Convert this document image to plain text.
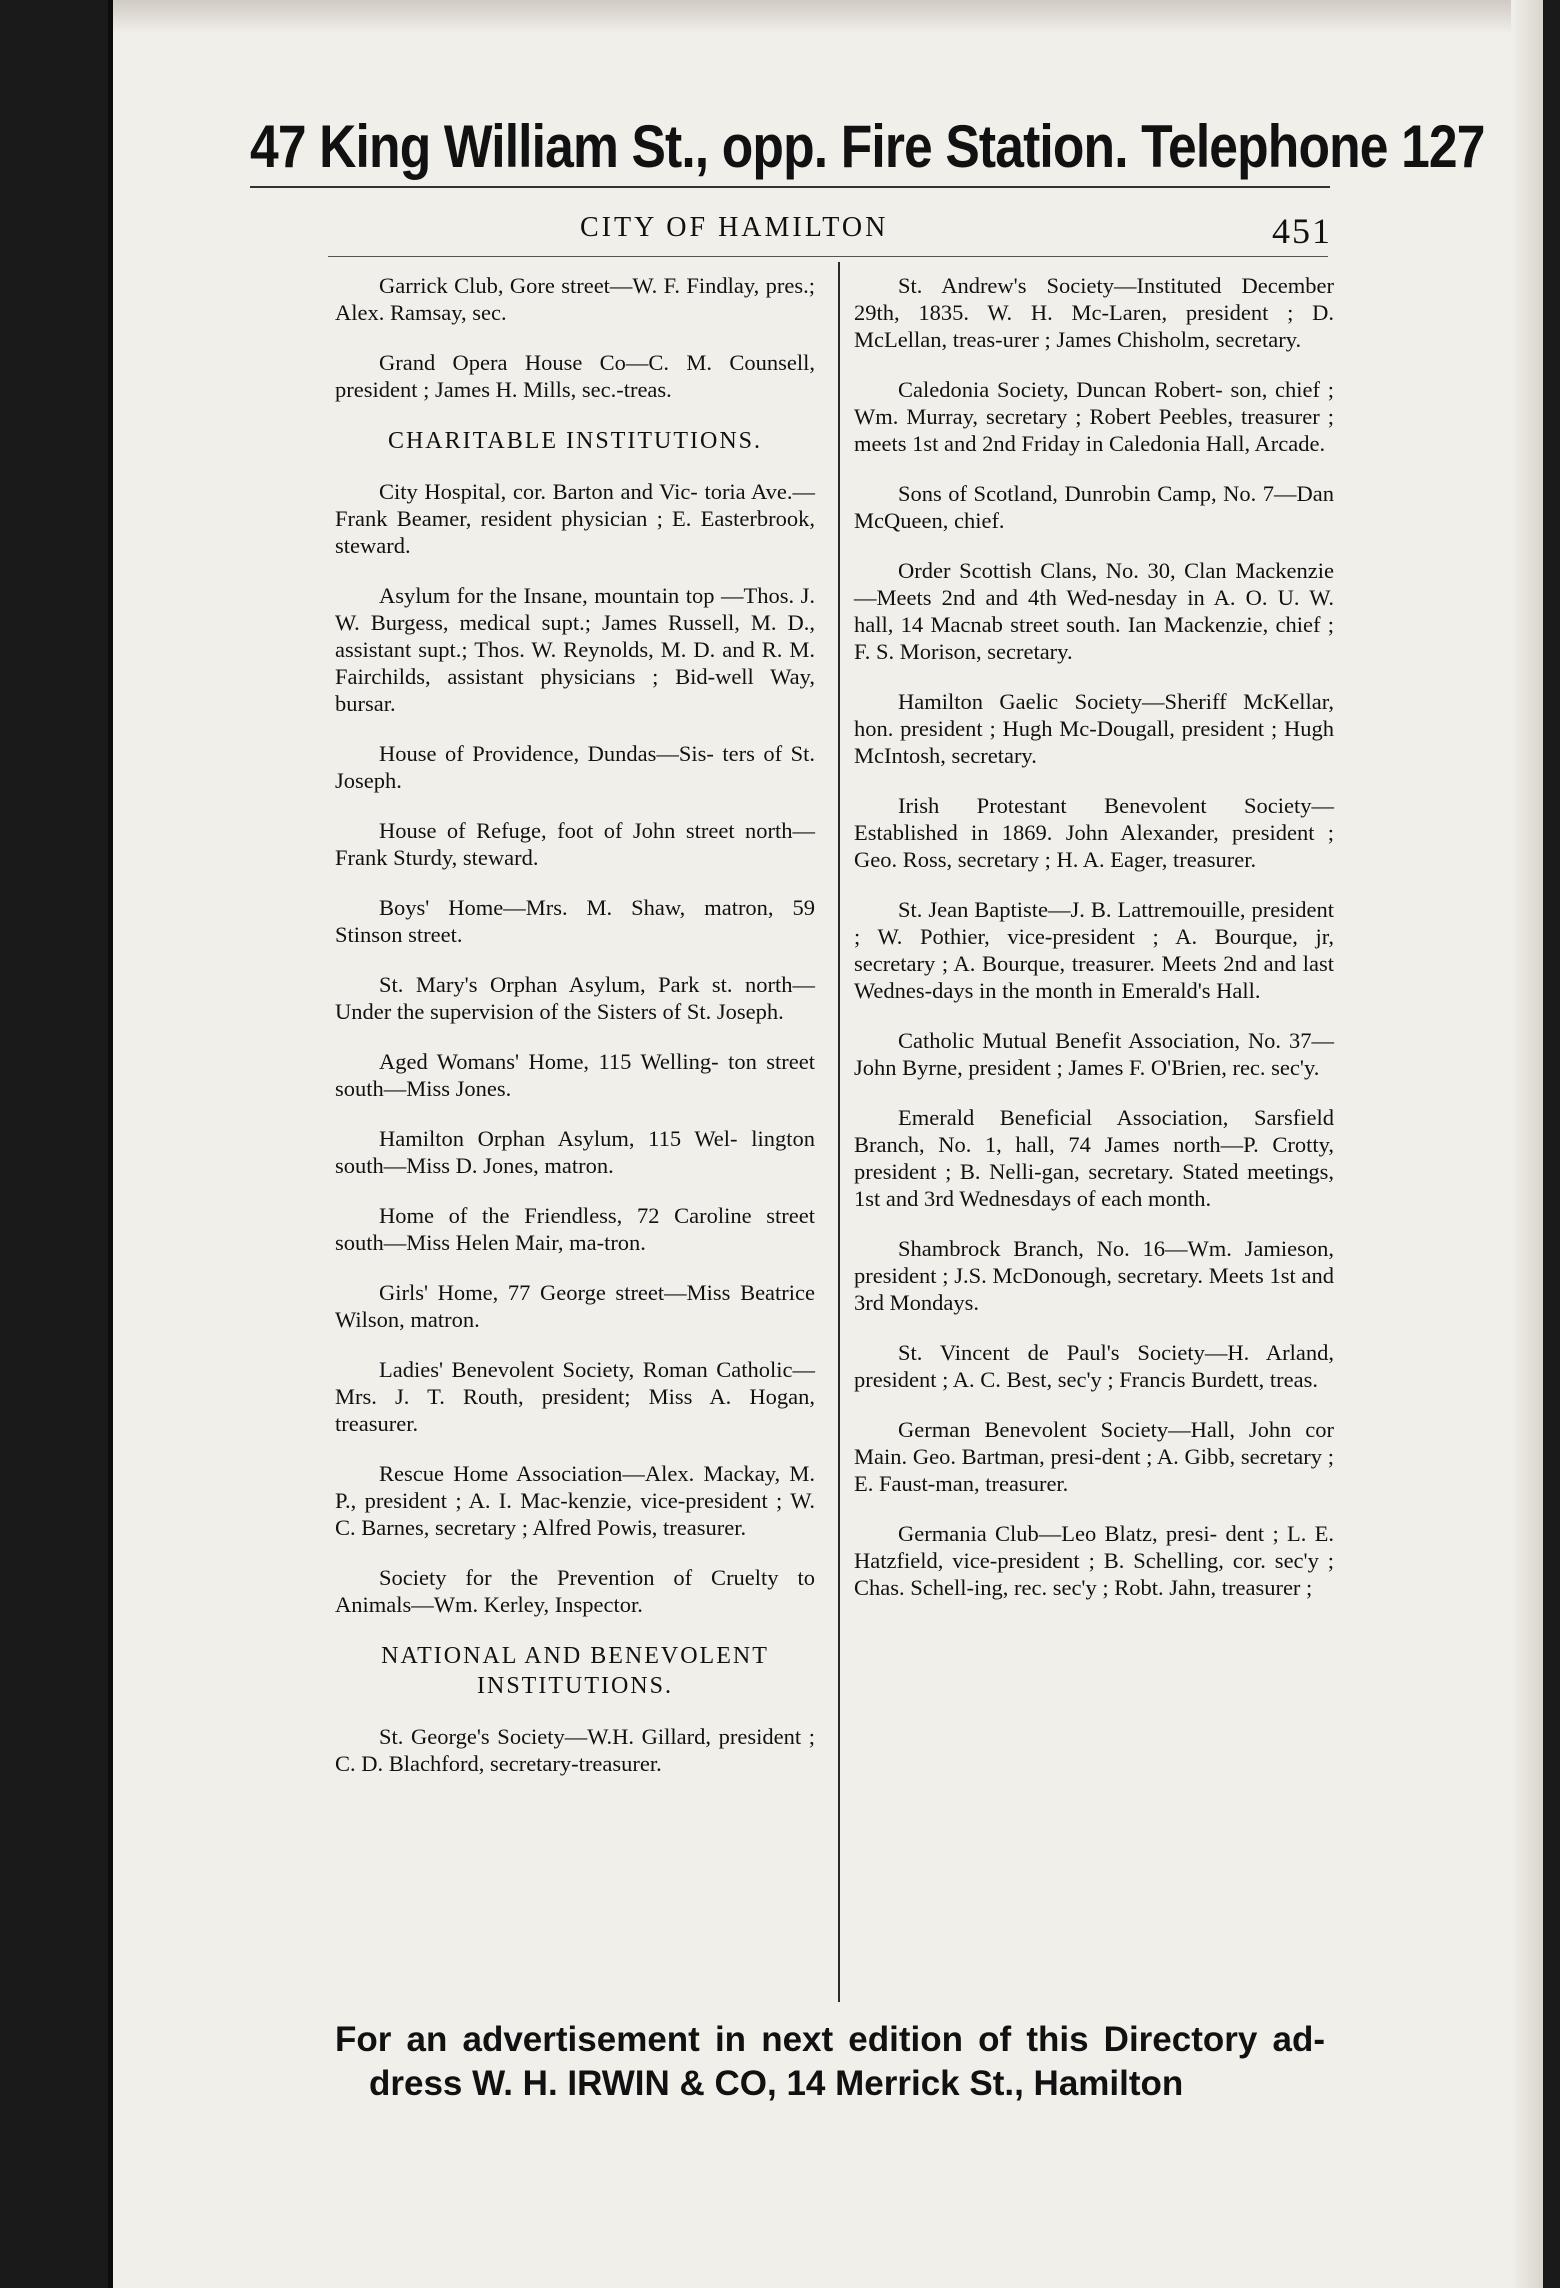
47 King William St., opp. Fire Station. Telephone 127
CITY OF HAMILTON	451

Garrick Club, Gore street—W. F. Findlay, pres.; Alex. Ramsay, sec.

Grand Opera House Co—C. M. Counsell, president ; James H. Mills, sec.-treas.

CHARITABLE INSTITUTIONS.

City Hospital, cor. Barton and Vic- toria Ave.—Frank Beamer, resident physician ; E. Easterbrook, steward.

Asylum for the Insane, mountain top —Thos. J. W. Burgess, medical supt.; James Russell, M. D., assistant supt.; Thos. W. Reynolds, M. D. and R. M. Fairchilds, assistant physicians ; Bid-well Way, bursar.

House of Providence, Dundas—Sis- ters of St. Joseph.

House of Refuge, foot of John street north—Frank Sturdy, steward.

Boys' Home—Mrs. M. Shaw, matron, 59 Stinson street.

St. Mary's Orphan Asylum, Park st. north—Under the supervision of the Sisters of St. Joseph.

Aged Womans' Home, 115 Welling- ton street south—Miss Jones.

Hamilton Orphan Asylum, 115 Wel- lington south—Miss D. Jones, matron.

Home of the Friendless, 72 Caroline street south—Miss Helen Mair, ma-tron.

Girls' Home, 77 George street—Miss Beatrice Wilson, matron.

Ladies' Benevolent Society, Roman Catholic—Mrs. J. T. Routh, president; Miss A. Hogan, treasurer.

Rescue Home Association—Alex. Mackay, M. P., president ; A. I. Mac-kenzie, vice-president ; W. C. Barnes, secretary ; Alfred Powis, treasurer.

Society for the Prevention of Cruelty to Animals—Wm. Kerley, Inspector.

NATIONAL AND BENEVOLENT INSTITUTIONS.

St. George's Society—W.H. Gillard, president ; C. D. Blachford, secretary-treasurer.

St. Andrew's Society—Instituted December 29th, 1835. W. H. Mc-Laren, president ; D. McLellan, treas-urer ; James Chisholm, secretary.

Caledonia Society, Duncan Robert- son, chief ; Wm. Murray, secretary ; Robert Peebles, treasurer ; meets 1st and 2nd Friday in Caledonia Hall, Arcade.

Sons of Scotland, Dunrobin Camp, No. 7—Dan McQueen, chief.

Order Scottish Clans, No. 30, Clan Mackenzie—Meets 2nd and 4th Wed-nesday in A. O. U. W. hall, 14 Macnab street south. Ian Mackenzie, chief ; F. S. Morison, secretary.

Hamilton Gaelic Society—Sheriff McKellar, hon. president ; Hugh Mc-Dougall, president ; Hugh McIntosh, secretary.

Irish Protestant Benevolent Society— Established in 1869. John Alexander, president ; Geo. Ross, secretary ; H. A. Eager, treasurer.

St. Jean Baptiste—J. B. Lattremouille, president ; W. Pothier, vice-president ; A. Bourque, jr, secretary ; A. Bourque, treasurer. Meets 2nd and last Wednes-days in the month in Emerald's Hall.

Catholic Mutual Benefit Association, No. 37—John Byrne, president ; James F. O'Brien, rec. sec'y.

Emerald Beneficial Association, Sarsfield Branch, No. 1, hall, 74 James north—P. Crotty, president ; B. Nelli-gan, secretary. Stated meetings, 1st and 3rd Wednesdays of each month.

Shambrock Branch, No. 16—Wm. Jamieson, president ; J.S. McDonough, secretary. Meets 1st and 3rd Mondays.

St. Vincent de Paul's Society—H. Arland, president ; A. C. Best, sec'y ; Francis Burdett, treas.

German Benevolent Society—Hall, John cor Main. Geo. Bartman, presi-dent ; A. Gibb, secretary ; E. Faust-man, treasurer.

Germania Club—Leo Blatz, presi- dent ; L. E. Hatzfield, vice-president ; B. Schelling, cor. sec'y ; Chas. Schell-ing, rec. sec'y ; Robt. Jahn, treasurer ;

For an advertisement in next edition of this Directory ad-
dress W. H. IRWIN & CO, 14 Merrick St., Hamilton
